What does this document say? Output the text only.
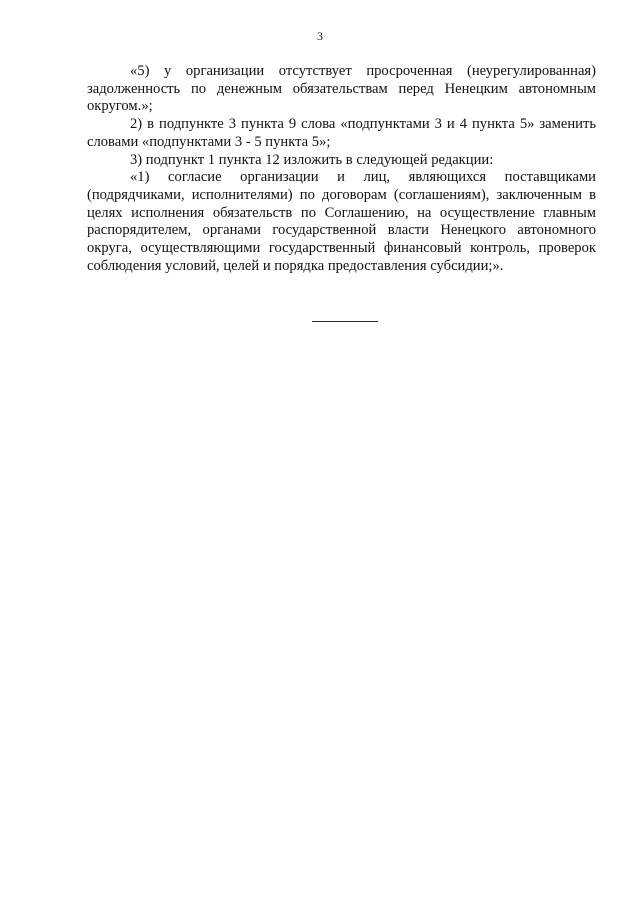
3

«5) у организации отсутствует просроченная (неурегулированная) задолженность по денежным обязательствам перед Ненецким автономным округом.»;

2) в подпункте 3 пункта 9 слова «подпунктами 3 и 4 пункта 5» заменить словами «подпунктами 3 - 5 пункта 5»;

3) подпункт 1 пункта 12 изложить в следующей редакции:

«1) согласие организации и лиц, являющихся поставщиками (подрядчиками, исполнителями) по договорам (соглашениям), заключенным в целях исполнения обязательств по Соглашению, на осуществление главным распорядителем, органами государственной власти Ненецкого автономного округа, осуществляющими государственный финансовый контроль, проверок соблюдения условий, целей и порядка предоставления субсидии;».
